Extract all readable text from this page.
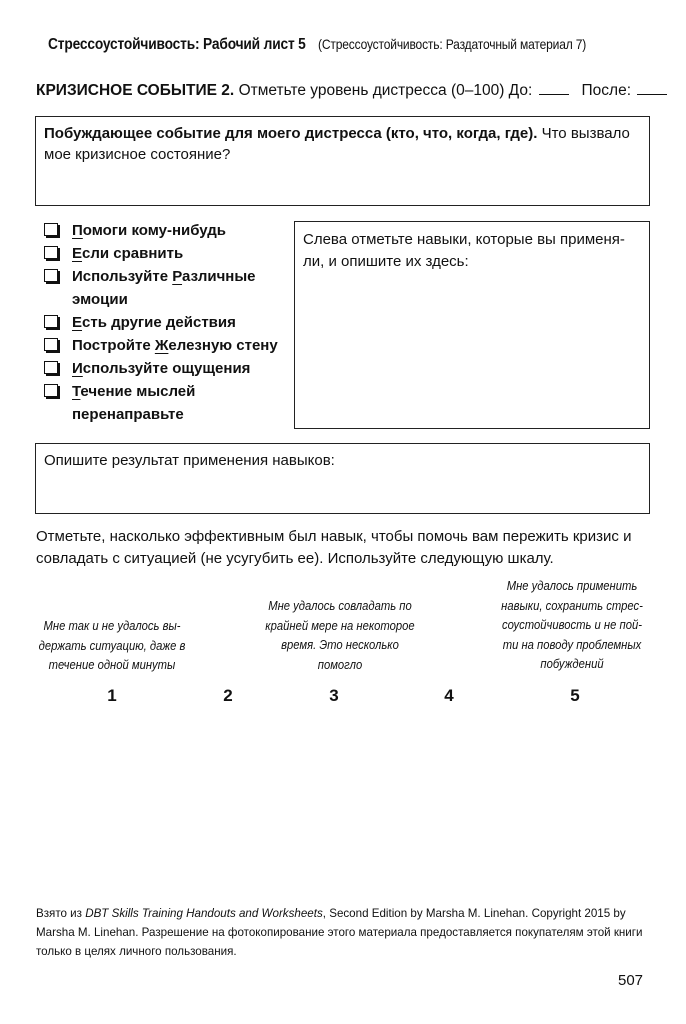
Стрессоустойчивость: Рабочий лист 5 (Стрессоустойчивость: Раздаточный материал 7)
КРИЗИСНОЕ СОБЫТИЕ 2. Отметьте уровень дистресса (0–100) До:	После:
Побуждающее событие для моего дистресса (кто, что, когда, где). Что вызвало мое кризисное состояние?
Помоги кому-нибудь
Если сравнить
Используйте Различные эмоции
Есть другие действия
Постройте Железную стену
Используйте ощущения
Течение мыслей перенаправьте
Слева отметьте навыки, которые вы применя-ли, и опишите их здесь:
Опишите результат применения навыков:
Отметьте, насколько эффективным был навык, чтобы помочь вам пережить кризис и совладать с ситуацией (не усугубить ее). Используйте следующую шкалу.
Мне так и не удалось вы-держать ситуацию, даже в течение одной минуты
Мне удалось совладать по крайней мере на некоторое время. Это несколько помогло
Мне удалось применить навыки, сохранить стрес-соустойчивость и не пой-ти на поводу проблемных побуждений
1	2	3	4	5
Взято из DBT Skills Training Handouts and Worksheets, Second Edition by Marsha M. Linehan. Copyright 2015 by Marsha M. Linehan. Разрешение на фотокопирование этого материала предоставляется покупателям этой книги только в целях личного пользования.
507
